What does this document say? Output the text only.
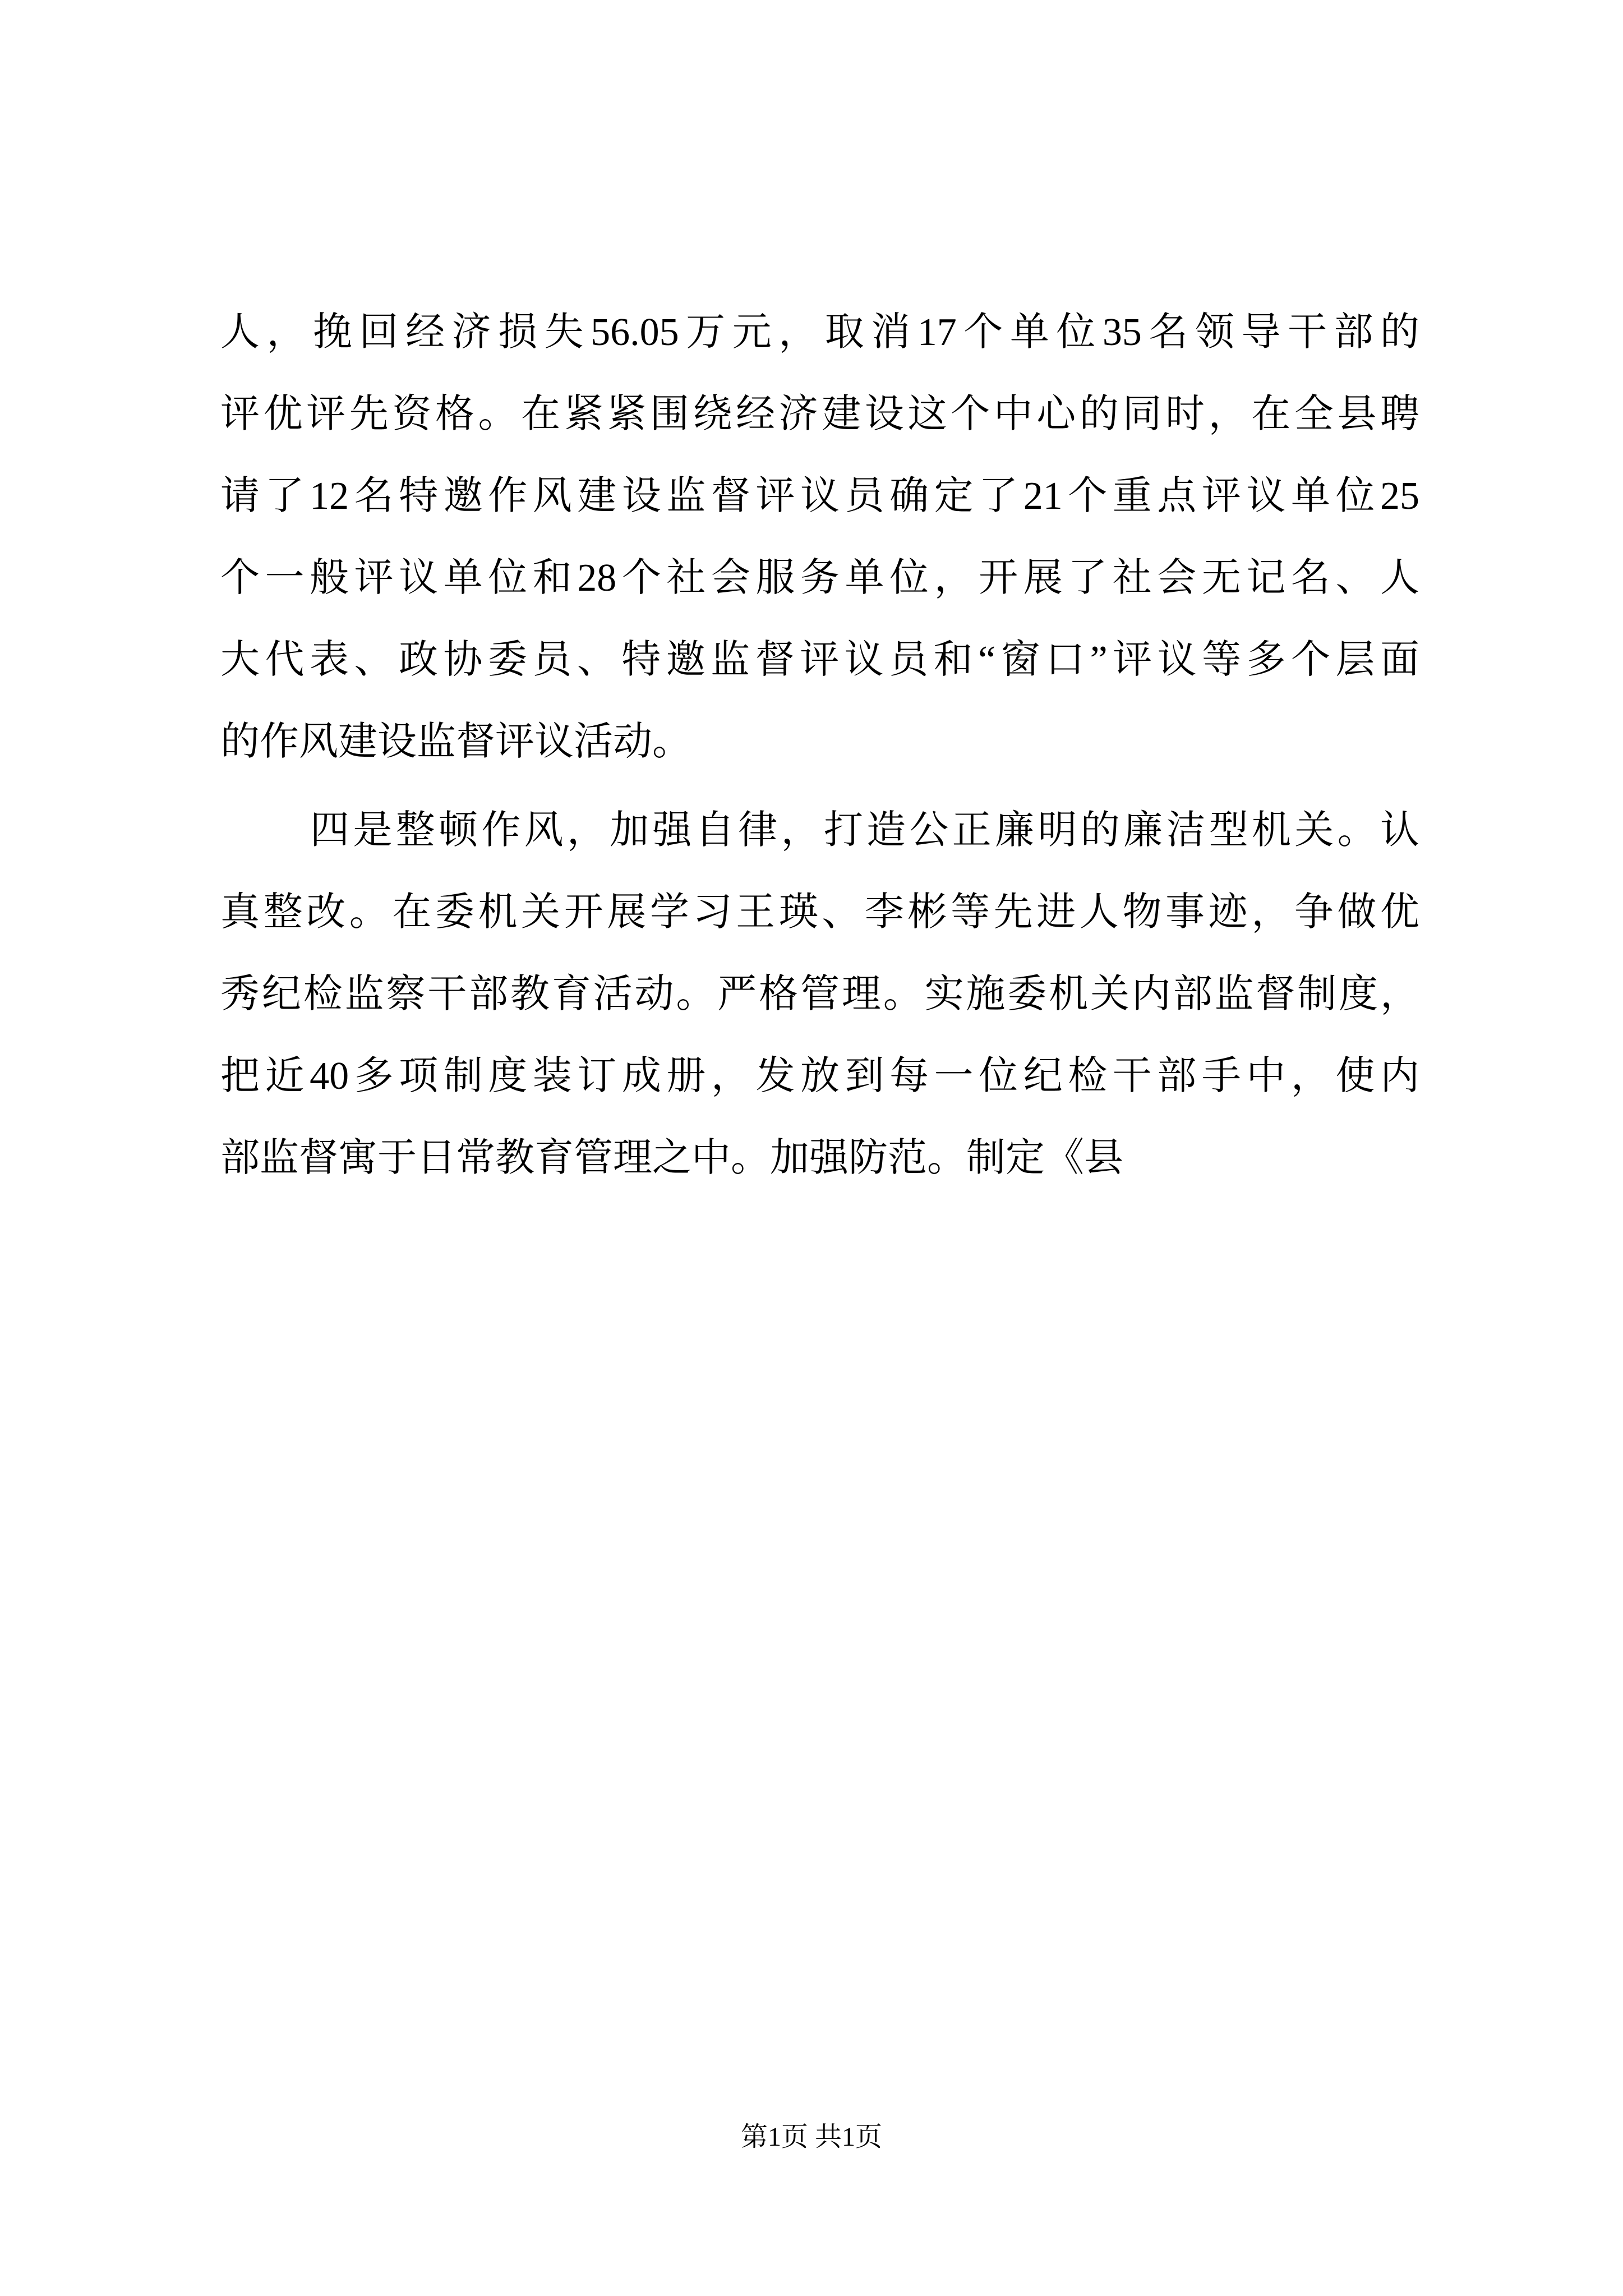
人，挽回经济损失56.05万元，取消17个单位35名领导干部的

评优评先资格。在紧紧围绕经济建设这个中心的同时，在全县聘

请了12名特邀作风建设监督评议员确定了21个重点评议单位25

个一般评议单位和28个社会服务单位，开展了社会无记名、人

大代表、政协委员、特邀监督评议员和“窗口”评议等多个层面

的作风建设监督评议活动。

四是整顿作风，加强自律，打造公正廉明的廉洁型机关。认

真整改。在委机关开展学习王瑛、李彬等先进人物事迹，争做优

秀纪检监察干部教育活动。严格管理。实施委机关内部监督制度，

把近40多项制度装订成册，发放到每一位纪检干部手中，使内

部监督寓于日常教育管理之中。加强防范。制定《县

第1页 共1页
